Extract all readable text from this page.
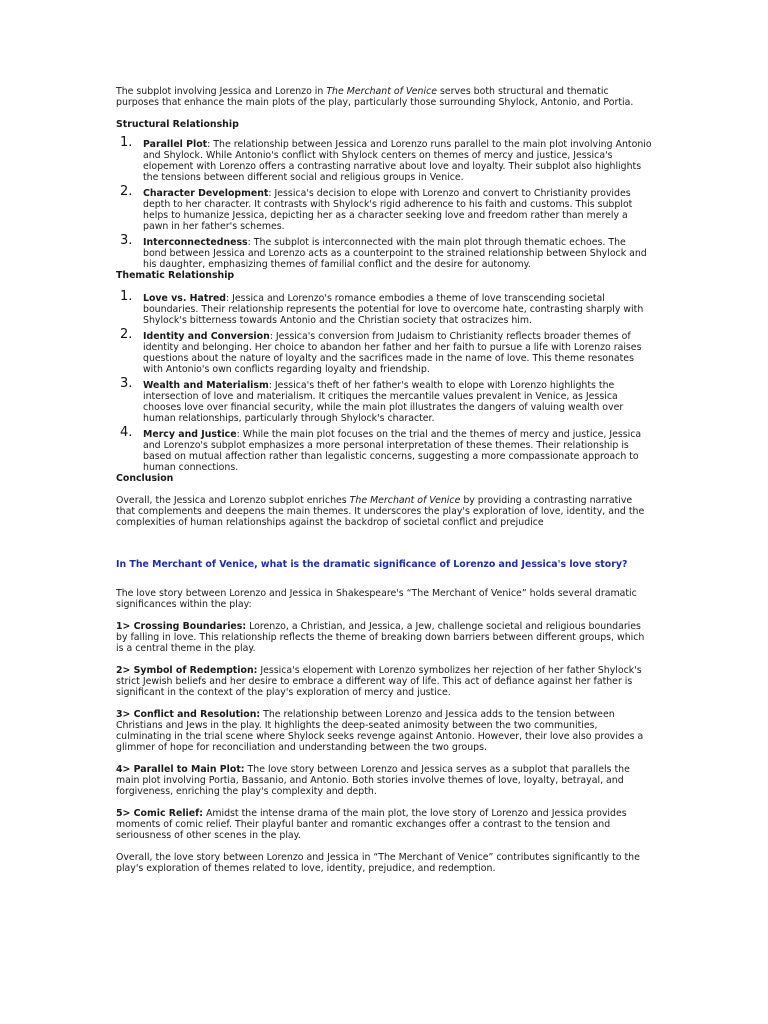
The subplot involving Jessica and Lorenzo in The Merchant of Venice serves both structural and thematic purposes that enhance the main plots of the play, particularly those surrounding Shylock, Antonio, and Portia.

Structural Relationship

1. Parallel Plot: The relationship between Jessica and Lorenzo runs parallel to the main plot involving Antonio and Shylock. While Antonio's conflict with Shylock centers on themes of mercy and justice, Jessica's elopement with Lorenzo offers a contrasting narrative about love and loyalty. Their subplot also highlights the tensions between different social and religious groups in Venice.
2. Character Development: Jessica's decision to elope with Lorenzo and convert to Christianity provides depth to her character. It contrasts with Shylock's rigid adherence to his faith and customs. This subplot helps to humanize Jessica, depicting her as a character seeking love and freedom rather than merely a pawn in her father's schemes.
3. Interconnectedness: The subplot is interconnected with the main plot through thematic echoes. The bond between Jessica and Lorenzo acts as a counterpoint to the strained relationship between Shylock and his daughter, emphasizing themes of familial conflict and the desire for autonomy.

Thematic Relationship

1. Love vs. Hatred: Jessica and Lorenzo's romance embodies a theme of love transcending societal boundaries. Their relationship represents the potential for love to overcome hate, contrasting sharply with Shylock's bitterness towards Antonio and the Christian society that ostracizes him.
2. Identity and Conversion: Jessica's conversion from Judaism to Christianity reflects broader themes of identity and belonging. Her choice to abandon her father and her faith to pursue a life with Lorenzo raises questions about the nature of loyalty and the sacrifices made in the name of love. This theme resonates with Antonio's own conflicts regarding loyalty and friendship.
3. Wealth and Materialism: Jessica's theft of her father's wealth to elope with Lorenzo highlights the intersection of love and materialism. It critiques the mercantile values prevalent in Venice, as Jessica chooses love over financial security, while the main plot illustrates the dangers of valuing wealth over human relationships, particularly through Shylock's character.
4. Mercy and Justice: While the main plot focuses on the trial and the themes of mercy and justice, Jessica and Lorenzo's subplot emphasizes a more personal interpretation of these themes. Their relationship is based on mutual affection rather than legalistic concerns, suggesting a more compassionate approach to human connections.

Conclusion

Overall, the Jessica and Lorenzo subplot enriches The Merchant of Venice by providing a contrasting narrative that complements and deepens the main themes. It underscores the play's exploration of love, identity, and the complexities of human relationships against the backdrop of societal conflict and prejudice

In The Merchant of Venice, what is the dramatic significance of Lorenzo and Jessica's love story?

The love story between Lorenzo and Jessica in Shakespeare's “The Merchant of Venice” holds several dramatic significances within the play:

1> Crossing Boundaries: Lorenzo, a Christian, and Jessica, a Jew, challenge societal and religious boundaries by falling in love. This relationship reflects the theme of breaking down barriers between different groups, which is a central theme in the play.

2> Symbol of Redemption: Jessica's elopement with Lorenzo symbolizes her rejection of her father Shylock's strict Jewish beliefs and her desire to embrace a different way of life. This act of defiance against her father is significant in the context of the play's exploration of mercy and justice.

3> Conflict and Resolution: The relationship between Lorenzo and Jessica adds to the tension between Christians and Jews in the play. It highlights the deep-seated animosity between the two communities, culminating in the trial scene where Shylock seeks revenge against Antonio. However, their love also provides a glimmer of hope for reconciliation and understanding between the two groups.

4> Parallel to Main Plot: The love story between Lorenzo and Jessica serves as a subplot that parallels the main plot involving Portia, Bassanio, and Antonio. Both stories involve themes of love, loyalty, betrayal, and forgiveness, enriching the play's complexity and depth.

5> Comic Relief: Amidst the intense drama of the main plot, the love story of Lorenzo and Jessica provides moments of comic relief. Their playful banter and romantic exchanges offer a contrast to the tension and seriousness of other scenes in the play.

Overall, the love story between Lorenzo and Jessica in “The Merchant of Venice” contributes significantly to the play's exploration of themes related to love, identity, prejudice, and redemption.
